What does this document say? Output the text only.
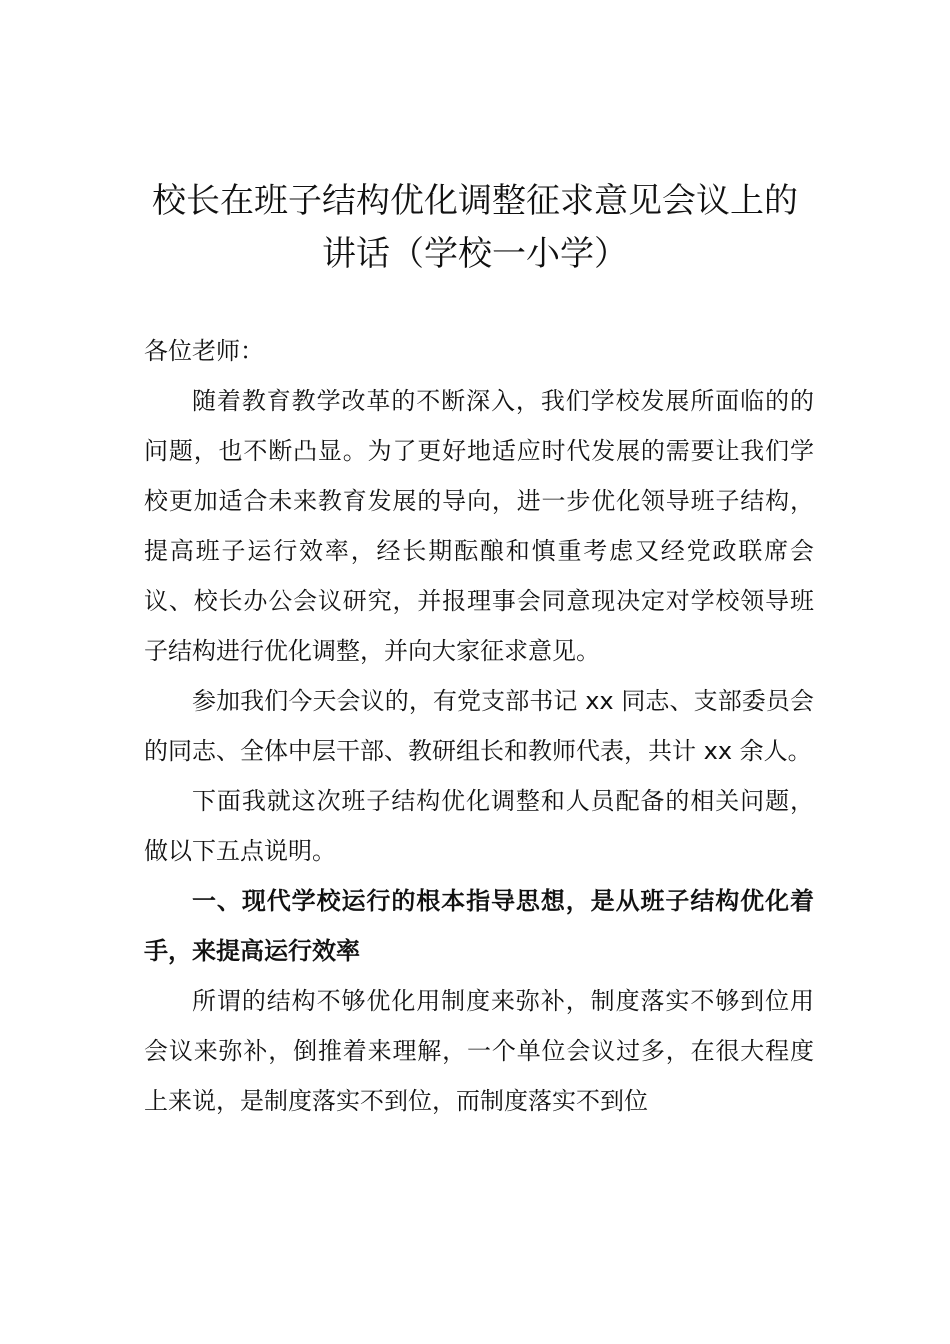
校长在班子结构优化调整征求意见会议上的讲话（学校一小学）

各位老师：

随着教育教学改革的不断深入，我们学校发展所面临的的问题，也不断凸显。为了更好地适应时代发展的需要让我们学校更加适合未来教育发展的导向，进一步优化领导班子结构，提高班子运行效率，经长期酝酿和慎重考虑又经党政联席会议、校长办公会议研究，并报理事会同意现决定对学校领导班子结构进行优化调整，并向大家征求意见。

参加我们今天会议的，有党支部书记 xx 同志、支部委员会的同志、全体中层干部、教研组长和教师代表，共计 xx 余人。

下面我就这次班子结构优化调整和人员配备的相关问题，做以下五点说明。

一、现代学校运行的根本指导思想，是从班子结构优化着手，来提高运行效率

所谓的结构不够优化用制度来弥补，制度落实不够到位用会议来弥补，倒推着来理解，一个单位会议过多，在很大程度上来说，是制度落实不到位，而制度落实不到位
